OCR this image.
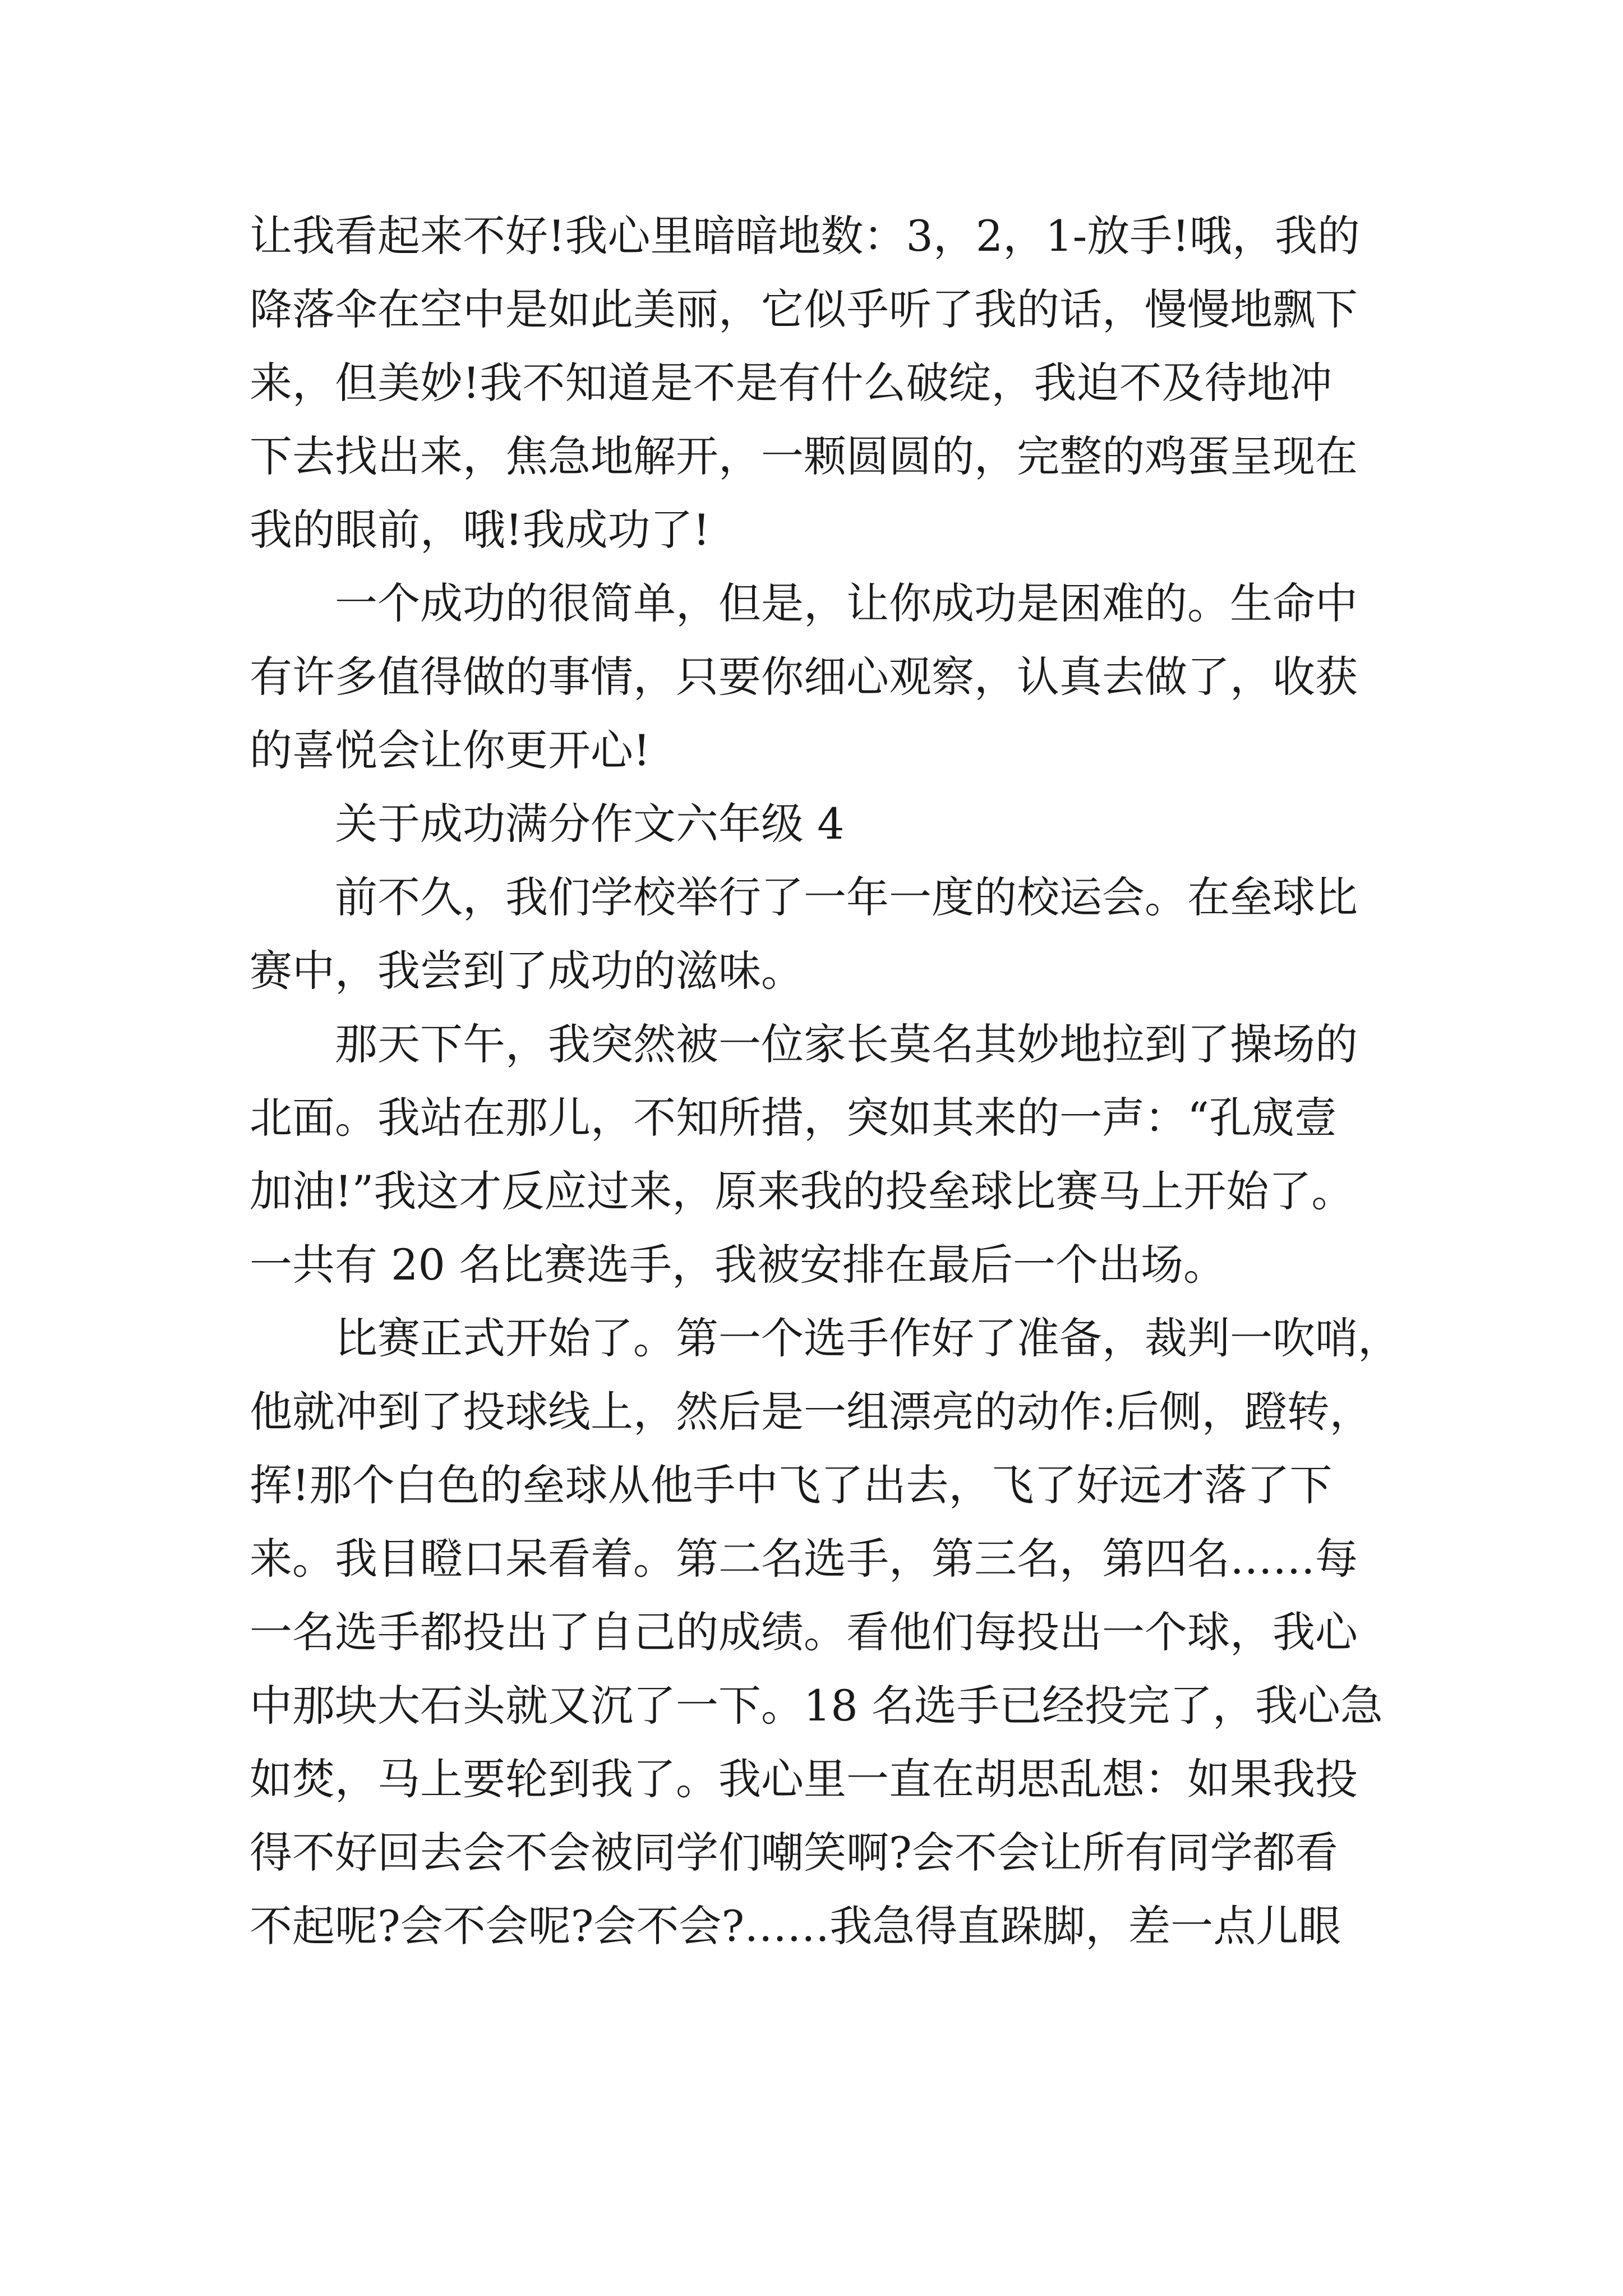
让我看起来不好!我心里暗暗地数：3，2，1-放手!哦，我的
降落伞在空中是如此美丽，它似乎听了我的话，慢慢地飘下
来，但美妙!我不知道是不是有什么破绽，我迫不及待地冲
下去找出来，焦急地解开，一颗圆圆的，完整的鸡蛋呈现在
我的眼前，哦!我成功了!
一个成功的很简单，但是，让你成功是困难的。生命中
有许多值得做的事情，只要你细心观察，认真去做了，收获
的喜悦会让你更开心!
关于成功满分作文六年级 4
前不久，我们学校举行了一年一度的校运会。在垒球比
赛中，我尝到了成功的滋味。
那天下午，我突然被一位家长莫名其妙地拉到了操场的
北面。我站在那儿，不知所措，突如其来的一声：“孔宬壹
加油!”我这才反应过来，原来我的投垒球比赛马上开始了。
一共有 20 名比赛选手，我被安排在最后一个出场。
比赛正式开始了。第一个选手作好了准备，裁判一吹哨，
他就冲到了投球线上，然后是一组漂亮的动作:后侧，蹬转，
挥!那个白色的垒球从他手中飞了出去，飞了好远才落了下
来。我目瞪口呆看着。第二名选手，第三名，第四名……每
一名选手都投出了自己的成绩。看他们每投出一个球，我心
中那块大石头就又沉了一下。18 名选手已经投完了，我心急
如焚，马上要轮到我了。我心里一直在胡思乱想：如果我投
得不好回去会不会被同学们嘲笑啊?会不会让所有同学都看
不起呢?会不会呢?会不会?……我急得直跺脚，差一点儿眼
